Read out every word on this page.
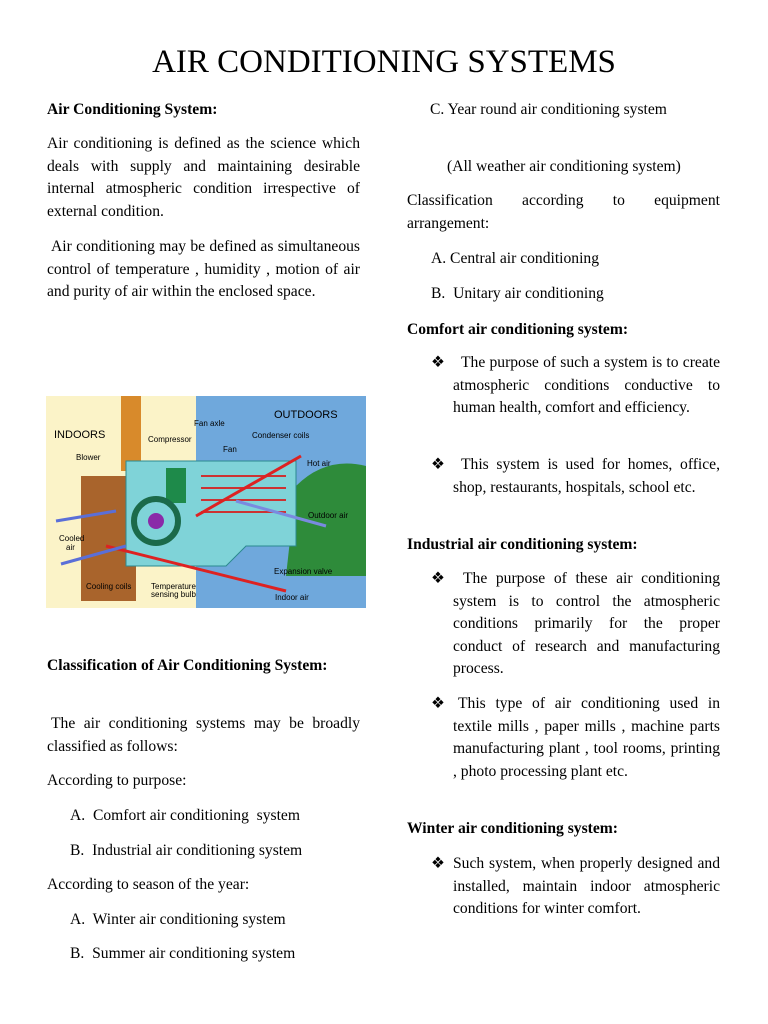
AIR CONDITIONING SYSTEMS

Air Conditioning System:

Air conditioning is defined as the science which deals with supply and maintaining desirable internal atmospheric condition irrespective of external condition.

Air conditioning may be defined as simultaneous control of temperature , humidity , motion of air and purity of air within the enclosed space.

INDOORS
OUTDOORS
Fan axle
Compressor	Condenser coils
Fan
Blower
Hot air
Outdoor air
Cooled
air
Expansion valve
Cooling coils Temperature
sensing bulb	Indoor air

Classification of Air Conditioning System:

The air conditioning systems may be broadly classified as follows:

According to purpose:

A.  Comfort air conditioning  system

B.  Industrial air conditioning system

According to season of the year:

A.  Winter air conditioning system

B.  Summer air conditioning system

C. Year round air conditioning system

(All weather air conditioning system)

Classification according to equipment arrangement:

A. Central air conditioning

B.  Unitary air conditioning

Comfort air conditioning system:

❖	The purpose of such a system is to create atmospheric conditions conductive to human health, comfort and efficiency.

❖	This system is used for homes, office, shop, restaurants, hospitals, school etc.

Industrial air conditioning system:

❖	The purpose of these air conditioning system is to control the atmospheric conditions primarily for the proper conduct of research and manufacturing process.

❖ This type of air conditioning used in textile mills , paper mills , machine parts manufacturing plant , tool rooms, printing , photo processing plant etc.

Winter air conditioning system:

❖ Such system, when properly designed and installed, maintain indoor atmospheric conditions for winter comfort.
